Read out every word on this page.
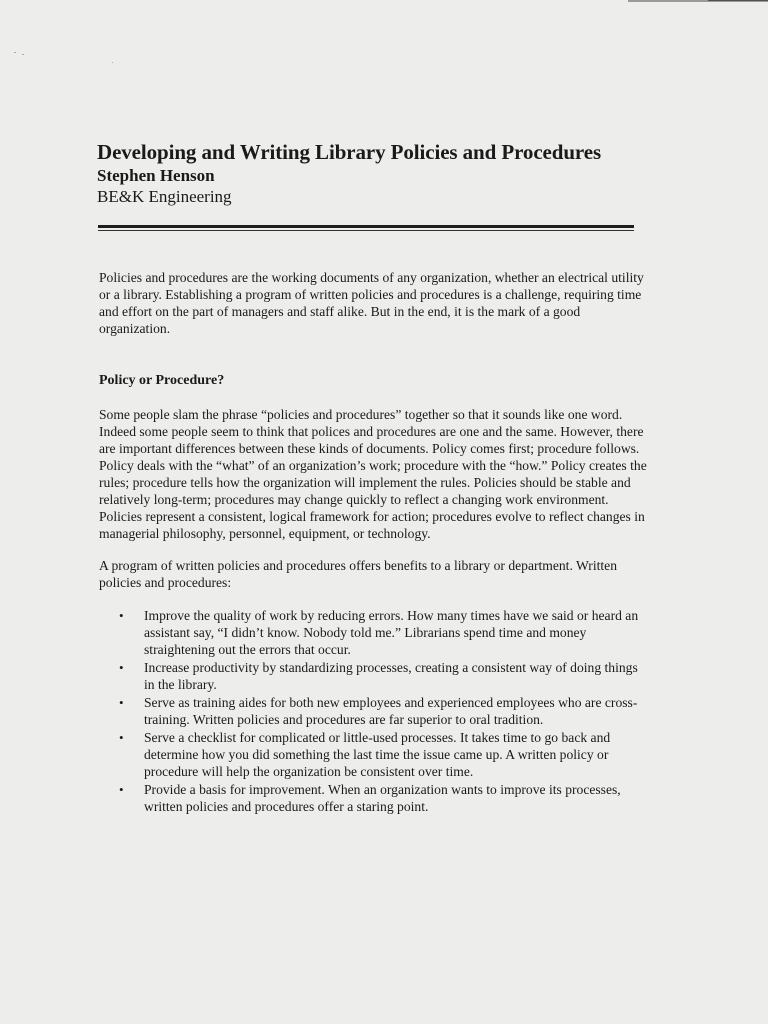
Developing and Writing Library Policies and Procedures

Stephen Henson

BE&K Engineering

Policies and procedures are the working documents of any organization, whether an electrical utility or a library. Establishing a program of written policies and procedures is a challenge, requiring time and effort on the part of managers and staff alike. But in the end, it is the mark of a good organization.

Policy or Procedure?

Some people slam the phrase “policies and procedures” together so that it sounds like one word. Indeed some people seem to think that polices and procedures are one and the same. However, there are important differences between these kinds of documents. Policy comes first; procedure follows. Policy deals with the “what” of an organization’s work; procedure with the “how.” Policy creates the rules; procedure tells how the organization will implement the rules. Policies should be stable and relatively long-term; procedures may change quickly to reflect a changing work environment. Policies represent a consistent, logical framework for action; procedures evolve to reflect changes in managerial philosophy, personnel, equipment, or technology.

A program of written policies and procedures offers benefits to a library or department. Written policies and procedures:

• Improve the quality of work by reducing errors. How many times have we said or heard an assistant say, “I didn’t know. Nobody told me.” Librarians spend time and money straightening out the errors that occur.
• Increase productivity by standardizing processes, creating a consistent way of doing things in the library.
• Serve as training aides for both new employees and experienced employees who are cross-training. Written policies and procedures are far superior to oral tradition.
• Serve a checklist for complicated or little-used processes. It takes time to go back and determine how you did something the last time the issue came up. A written policy or procedure will help the organization be consistent over time.
• Provide a basis for improvement. When an organization wants to improve its processes, written policies and procedures offer a staring point.
